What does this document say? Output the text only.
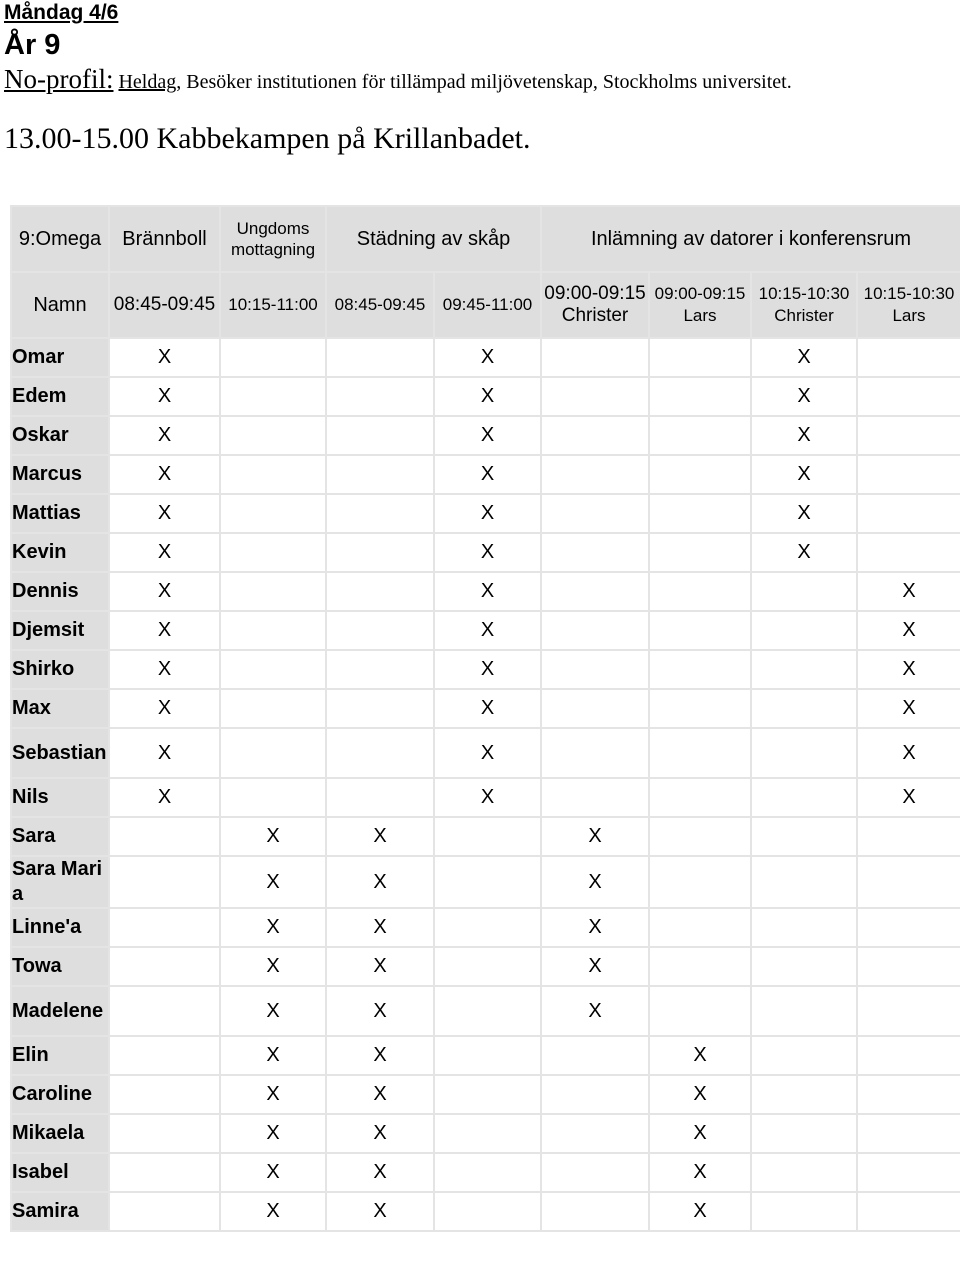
Måndag 4/6
År 9
No-profil: Heldag, Besöker institutionen för tillämpad miljövetenskap, Stockholms universitet.
13.00-15.00 Kabbekampen på Krillanbadet.
9:Omega	Brännboll	Ungdoms mottagning	Städning av skåp		Inlämning av datorer i konferensrum			
Namn	08:45-09:45	10:15-11:00	08:45-09:45	09:45-11:00	09:00-09:15 Christer	09:00-09:15 Lars	10:15-10:30 Christer	10:15-10:30 Lars
Omar	X			X			X	
Edem	X			X			X	
Oskar	X			X			X	
Marcus	X			X			X	
Mattias	X			X			X	
Kevin	X			X			X	
Dennis	X			X				X
Djemsit	X			X				X
Shirko	X			X				X
Max	X			X				X
Sebastian	X			X				X
Nils	X			X				X
Sara		X	X		X			
Sara Maria		X	X		X			
Linne'a		X	X		X			
Towa		X	X		X			
Madelene		X	X		X			
Elin		X	X			X		
Caroline		X	X			X		
Mikaela		X	X			X		
Isabel		X	X			X		
Samira		X	X			X		
